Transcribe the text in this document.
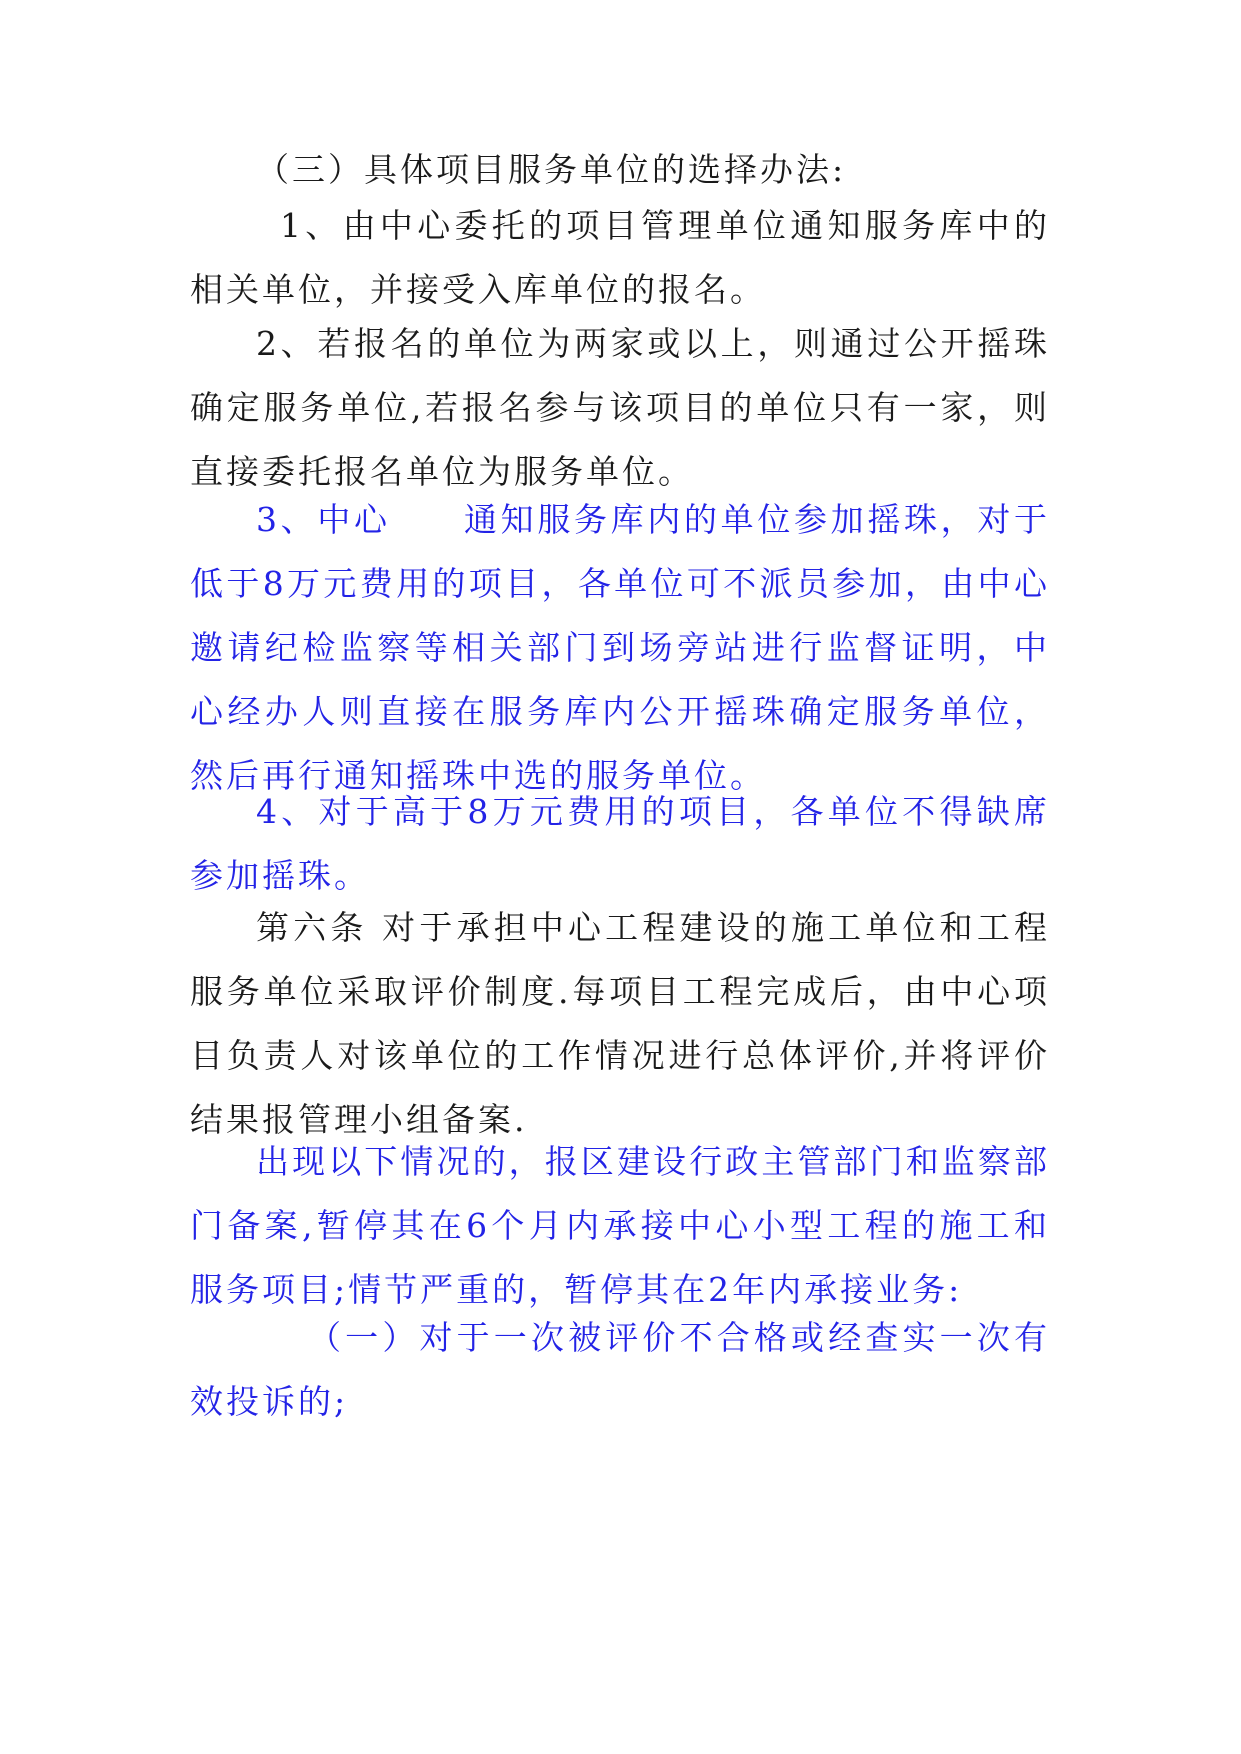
（三）具体项目服务单位的选择办法:

1、由中心委托的项目管理单位通知服务库中的相关单位，并接受入库单位的报名。

2、若报名的单位为两家或以上，则通过公开摇珠确定服务单位,若报名参与该项目的单位只有一家，则直接委托报名单位为服务单位。

3、中心　　通知服务库内的单位参加摇珠，对于低于8万元费用的项目，各单位可不派员参加，由中心邀请纪检监察等相关部门到场旁站进行监督证明，中心经办人则直接在服务库内公开摇珠确定服务单位，然后再行通知摇珠中选的服务单位。

4、对于高于8万元费用的项目，各单位不得缺席参加摇珠。

第六条 对于承担中心工程建设的施工单位和工程服务单位采取评价制度.每项目工程完成后，由中心项目负责人对该单位的工作情况进行总体评价,并将评价结果报管理小组备案.

出现以下情况的，报区建设行政主管部门和监察部门备案,暂停其在6个月内承接中心小型工程的施工和服务项目;情节严重的，暂停其在2年内承接业务:

（一）对于一次被评价不合格或经查实一次有效投诉的;
